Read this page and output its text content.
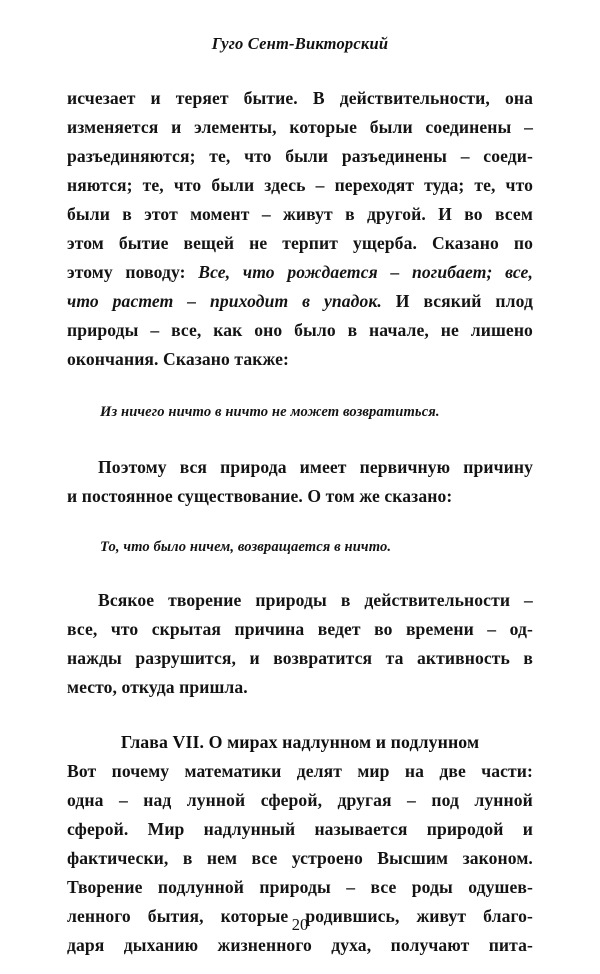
Гуго Сент-Викторский
исчезает и теряет бытие. В действительности, она
изменяется и элементы, которые были соединены –
разъединяются; те, что были разъединены – соеди-
няются; те, что были здесь – переходят туда; те, что
были в этот момент – живут в другой. И во всем
этом бытие вещей не терпит ущерба. Сказано по
этому поводу: Все, что рождается – погибает; все,
что растет – приходит в упадок. И всякий плод
природы – все, как оно было в начале, не лишено
окончания. Сказано также:
Из ничего ничто в ничто не может возвратиться.
Поэтому вся природа имеет первичную причину
и постоянное существование. О том же сказано:
То, что было ничем, возвращается в ничто.
Всякое творение природы в действительности –
все, что скрытая причина ведет во времени – од-
нажды разрушится, и возвратится та активность в
место, откуда пришла.
Глава VII. О мирах надлунном и подлунном
Вот почему математики делят мир на две части:
одна – над лунной сферой, другая – под лунной
сферой. Мир надлунный называется природой и
фактически, в нем все устроено Высшим законом.
Творение подлунной природы – все роды одушев-
ленного бытия, которые родившись, живут благо-
даря дыханию жизненного духа, получают пита-
20
